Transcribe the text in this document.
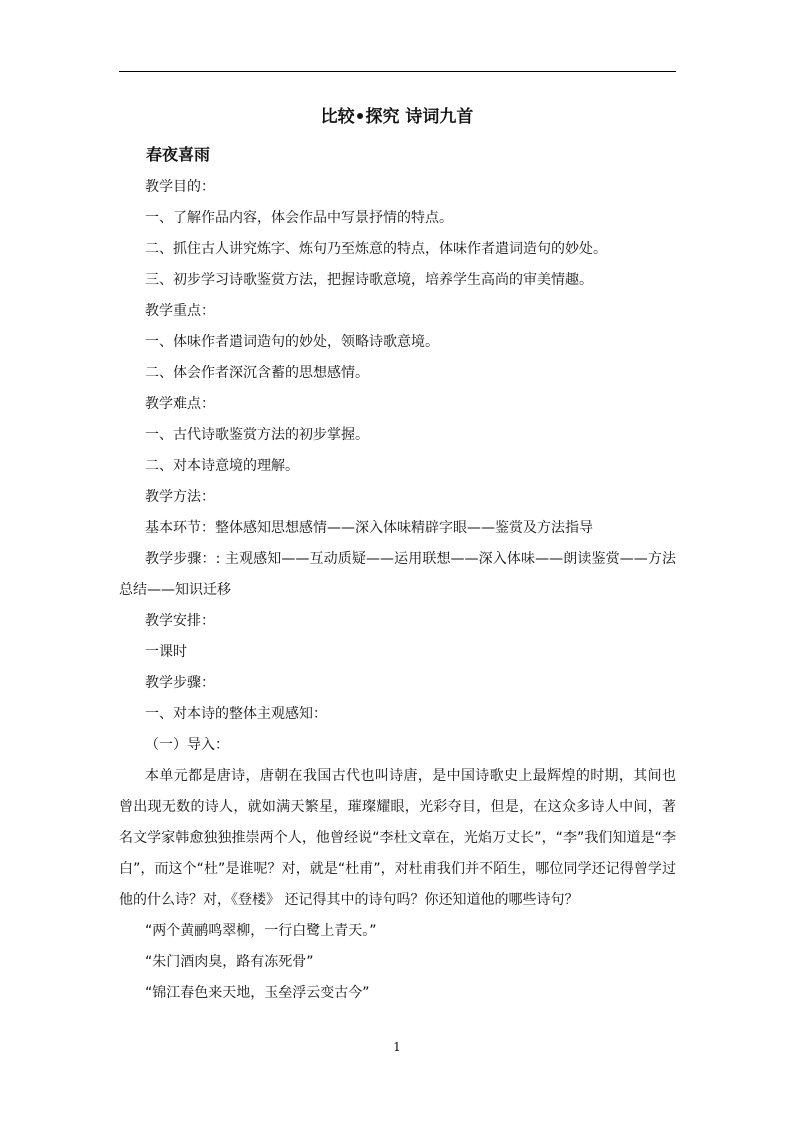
比较•探究 诗词九首
春夜喜雨
教学目的：
一、了解作品内容，体会作品中写景抒情的特点。
二、抓住古人讲究炼字、炼句乃至炼意的特点，体味作者遣词造句的妙处。
三、初步学习诗歌鉴赏方法，把握诗歌意境，培养学生高尚的审美情趣。
教学重点：
一、体味作者遣词造句的妙处，领略诗歌意境。
二、体会作者深沉含蓄的思想感情。
教学难点：
一、古代诗歌鉴赏方法的初步掌握。
二、对本诗意境的理解。
教学方法：
基本环节：整体感知思想感情——深入体味精辟字眼——鉴赏及方法指导
教学步骤：: 主观感知——互动质疑——运用联想——深入体味——朗读鉴赏——方法总结——知识迁移
教学安排：
一课时
教学步骤：
一、对本诗的整体主观感知：
（一）导入：
本单元都是唐诗，唐朝在我国古代也叫诗唐，是中国诗歌史上最辉煌的时期，其间也曾出现无数的诗人，就如满天繁星，璀璨耀眼，光彩夺目，但是，在这众多诗人中间，著名文学家韩愈独独推崇两个人，他曾经说“李杜文章在，光焰万丈长”，“李”我们知道是“李白”，而这个“杜”是谁呢？对，就是“杜甫”，对杜甫我们并不陌生，哪位同学还记得曾学过他的什么诗？对，《登楼》 还记得其中的诗句吗？你还知道他的哪些诗句？
“两个黄鹂鸣翠柳，一行白鹭上青天。”
“朱门酒肉臭，路有冻死骨”
“锦江春色来天地，玉垒浮云变古今”
1
